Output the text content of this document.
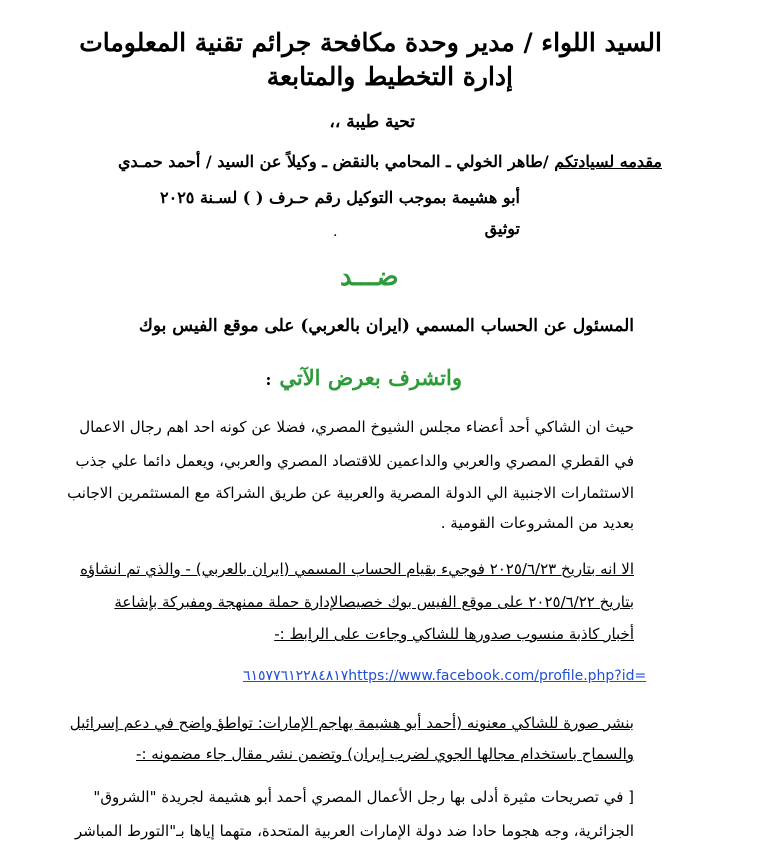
السيد اللواء / مدير وحدة مكافحة جرائم تقنية المعلومات
إدارة التخطيط والمتابعة
تحية طيبة ،،
مقدمه لسيادتكم /طاهر الخولي ـ المحامي بالنقض ـ وكيلاً عن السيد / أحمد حمـدي
أبو هشيمة بموجب التوكيل رقم حـرف ( ) لسـنة ٢٠٢٥
توثيق
.
ضـــد
المسئول عن الحساب المسمي (ايران بالعربي) على موقع الفيس بوك
واتشرف بعرض الآتي:
حيث ان الشاكي أحد أعضاء مجلس الشيوخ المصري، فضلا عن كونه احد اهم رجال الاعمال
في القطري المصري والعربي والداعمين للاقتصاد المصري والعربي، ويعمل دائما علي جذب
الاستثمارات الاجنبية الي الدولة المصرية والعربية عن طريق الشراكة مع المستثمرين الاجانب
بعديد من المشروعات القومية .
الا انه بتاريخ ٢٠٢٥/٦/٢٣ فوجيء بقيام الحساب المسمي (ايران بالعربي) - والذي تم انشاؤه
بتاريخ ٢٠٢٥/٦/٢٢ على موقع الفيس بوك خصيصالإدارة حملة ممنهجة ومفبركة بإشاعة
أخبار كاذبة منسوب صدورها للشاكي وجاءت على الرابط :-
٦١٥٧٧٦١٢٢٨٤٨١٧https://www.facebook.com/profile.php?id=
بنشر صورة للشاكي معنونه (أحمد أبو هشيمة يهاجم الإمارات: تواطؤ واضح في دعم إسرائيل
والسماح باستخدام مجالها الجوي لضرب إيران) وتضمن نشر مقال جاء مضمونه :-
[ في تصريحات مثيرة أدلى بها رجل الأعمال المصري أحمد أبو هشيمة لجريدة "الشروق"
الجزائرية، وجه هجوما حادا ضد دولة الإمارات العربية المتحدة، متهما إياها بـ"التورط المباشر
